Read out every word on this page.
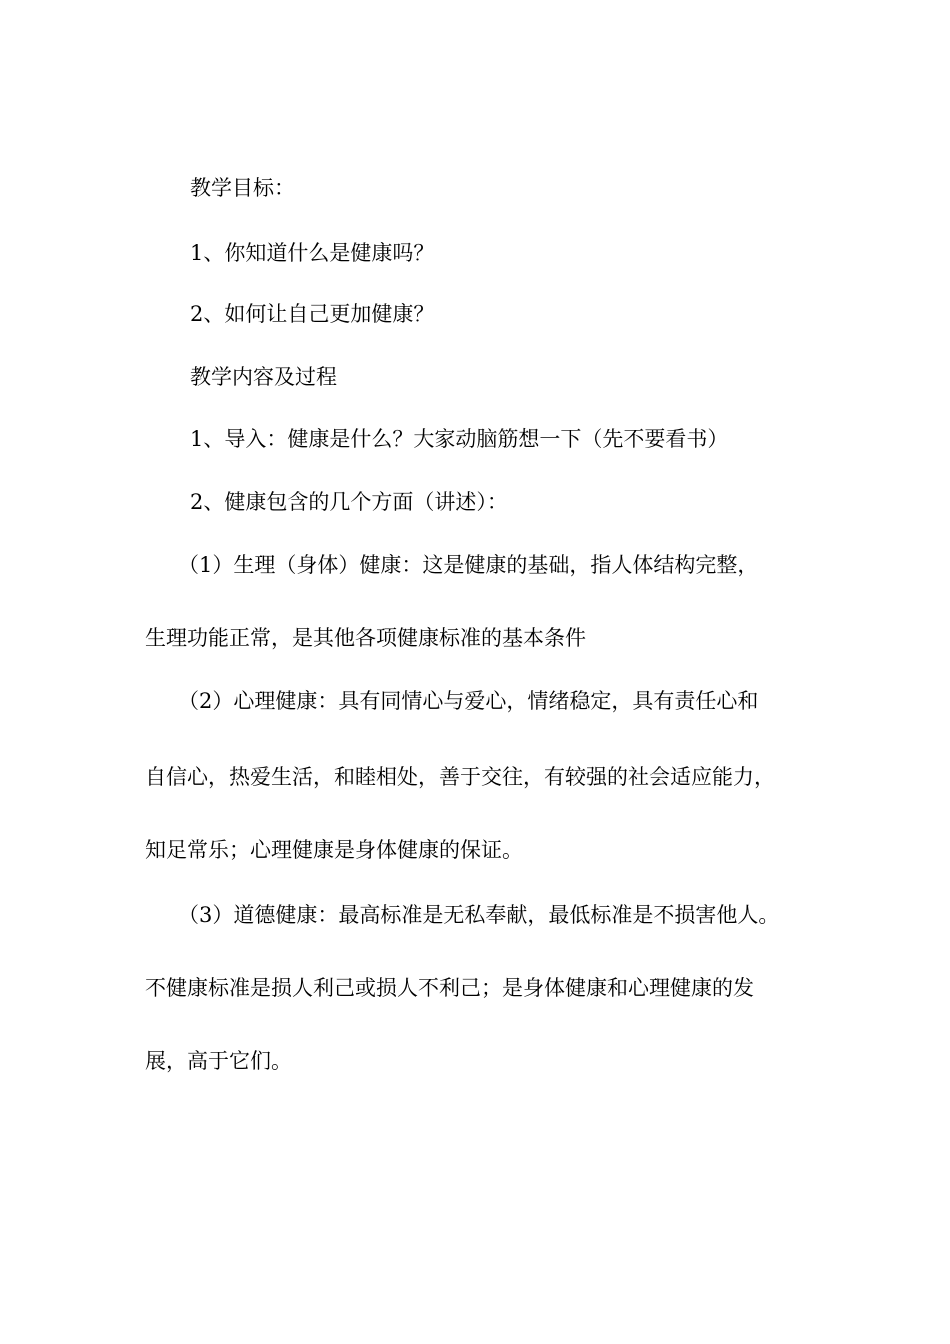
教学目标：
1、你知道什么是健康吗？
2、如何让自己更加健康？
教学内容及过程
1、导入：健康是什么？大家动脑筋想一下（先不要看书）
2、健康包含的几个方面（讲述）：
（1）生理（身体）健康：这是健康的基础，指人体结构完整，
生理功能正常，是其他各项健康标准的基本条件
（2）心理健康：具有同情心与爱心，情绪稳定，具有责任心和
自信心，热爱生活，和睦相处，善于交往，有较强的社会适应能力，
知足常乐；心理健康是身体健康的保证。
（3）道德健康：最高标准是无私奉献，最低标准是不损害他人。
不健康标准是损人利己或损人不利己；是身体健康和心理健康的发
展，高于它们。
